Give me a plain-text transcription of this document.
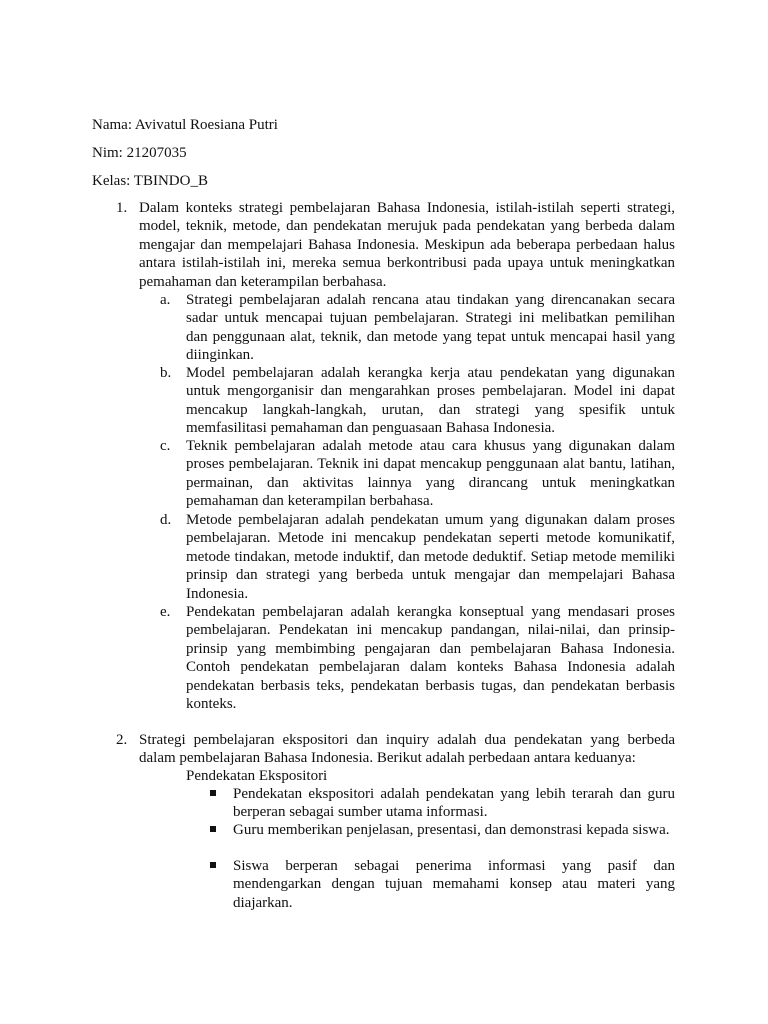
Nama: Avivatul Roesiana Putri
Nim: 21207035
Kelas: TBINDO_B
1. Dalam konteks strategi pembelajaran Bahasa Indonesia, istilah-istilah seperti strategi, model, teknik, metode, dan pendekatan merujuk pada pendekatan yang berbeda dalam mengajar dan mempelajari Bahasa Indonesia. Meskipun ada beberapa perbedaan halus antara istilah-istilah ini, mereka semua berkontribusi pada upaya untuk meningkatkan pemahaman dan keterampilan berbahasa.

a. Strategi pembelajaran adalah rencana atau tindakan yang direncanakan secara sadar untuk mencapai tujuan pembelajaran. Strategi ini melibatkan pemilihan dan penggunaan alat, teknik, dan metode yang tepat untuk mencapai hasil yang diinginkan.

b. Model pembelajaran adalah kerangka kerja atau pendekatan yang digunakan untuk mengorganisir dan mengarahkan proses pembelajaran. Model ini dapat mencakup langkah-langkah, urutan, dan strategi yang spesifik untuk memfasilitasi pemahaman dan penguasaan Bahasa Indonesia.

c. Teknik pembelajaran adalah metode atau cara khusus yang digunakan dalam proses pembelajaran. Teknik ini dapat mencakup penggunaan alat bantu, latihan, permainan, dan aktivitas lainnya yang dirancang untuk meningkatkan pemahaman dan keterampilan berbahasa.

d. Metode pembelajaran adalah pendekatan umum yang digunakan dalam proses pembelajaran. Metode ini mencakup pendekatan seperti metode komunikatif, metode tindakan, metode induktif, dan metode deduktif. Setiap metode memiliki prinsip dan strategi yang berbeda untuk mengajar dan mempelajari Bahasa Indonesia.

e. Pendekatan pembelajaran adalah kerangka konseptual yang mendasari proses pembelajaran. Pendekatan ini mencakup pandangan, nilai-nilai, dan prinsip-prinsip yang membimbing pengajaran dan pembelajaran Bahasa Indonesia. Contoh pendekatan pembelajaran dalam konteks Bahasa Indonesia adalah pendekatan berbasis teks, pendekatan berbasis tugas, dan pendekatan berbasis konteks.

2. Strategi pembelajaran ekspositori dan inquiry adalah dua pendekatan yang berbeda dalam pembelajaran Bahasa Indonesia. Berikut adalah perbedaan antara keduanya:

Pendekatan Ekspositori

Pendekatan ekspositori adalah pendekatan yang lebih terarah dan guru berperan sebagai sumber utama informasi.

Guru memberikan penjelasan, presentasi, dan demonstrasi kepada siswa.

Siswa berperan sebagai penerima informasi yang pasif dan mendengarkan dengan tujuan memahami konsep atau materi yang diajarkan.
